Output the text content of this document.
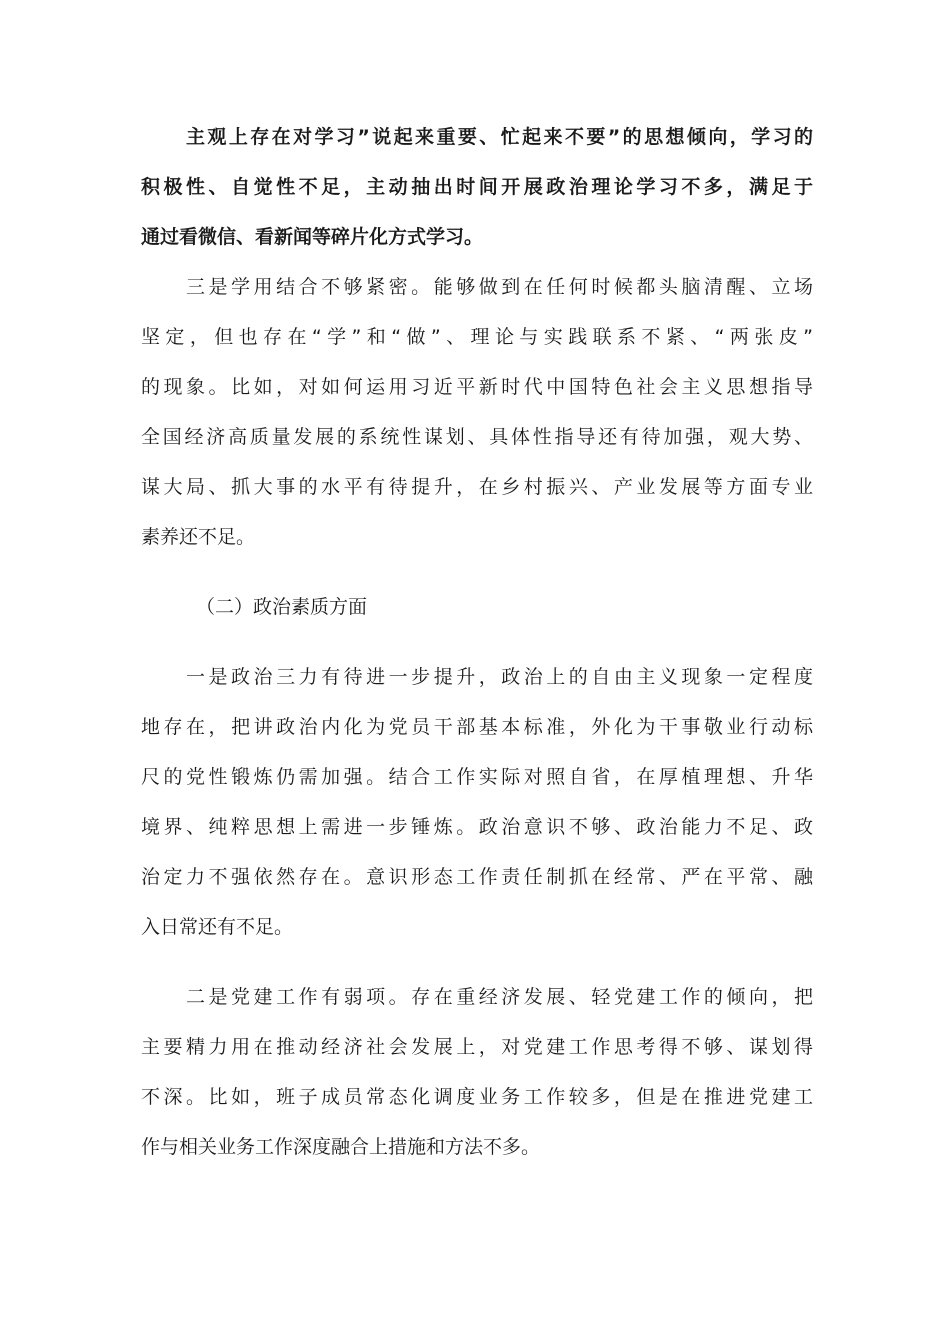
主观上存在对学习”说起来重要、忙起来不要”的思想倾向，学习的
积极性、自觉性不足，主动抽出时间开展政治理论学习不多，满足于
通过看微信、看新闻等碎片化方式学习。
三是学用结合不够紧密。能够做到在任何时候都头脑清醒、立场
坚定，但也存在“学”和“做”、理论与实践联系不紧、“两张皮”
的现象。比如，对如何运用习近平新时代中国特色社会主义思想指导
全国经济高质量发展的系统性谋划、具体性指导还有待加强，观大势、
谋大局、抓大事的水平有待提升，在乡村振兴、产业发展等方面专业
素养还不足。
（二）政治素质方面
一是政治三力有待进一步提升，政治上的自由主义现象一定程度
地存在，把讲政治内化为党员干部基本标准，外化为干事敬业行动标
尺的党性锻炼仍需加强。结合工作实际对照自省，在厚植理想、升华
境界、纯粹思想上需进一步锤炼。政治意识不够、政治能力不足、政
治定力不强依然存在。意识形态工作责任制抓在经常、严在平常、融
入日常还有不足。
二是党建工作有弱项。存在重经济发展、轻党建工作的倾向，把
主要精力用在推动经济社会发展上，对党建工作思考得不够、谋划得
不深。比如，班子成员常态化调度业务工作较多，但是在推进党建工
作与相关业务工作深度融合上措施和方法不多。
